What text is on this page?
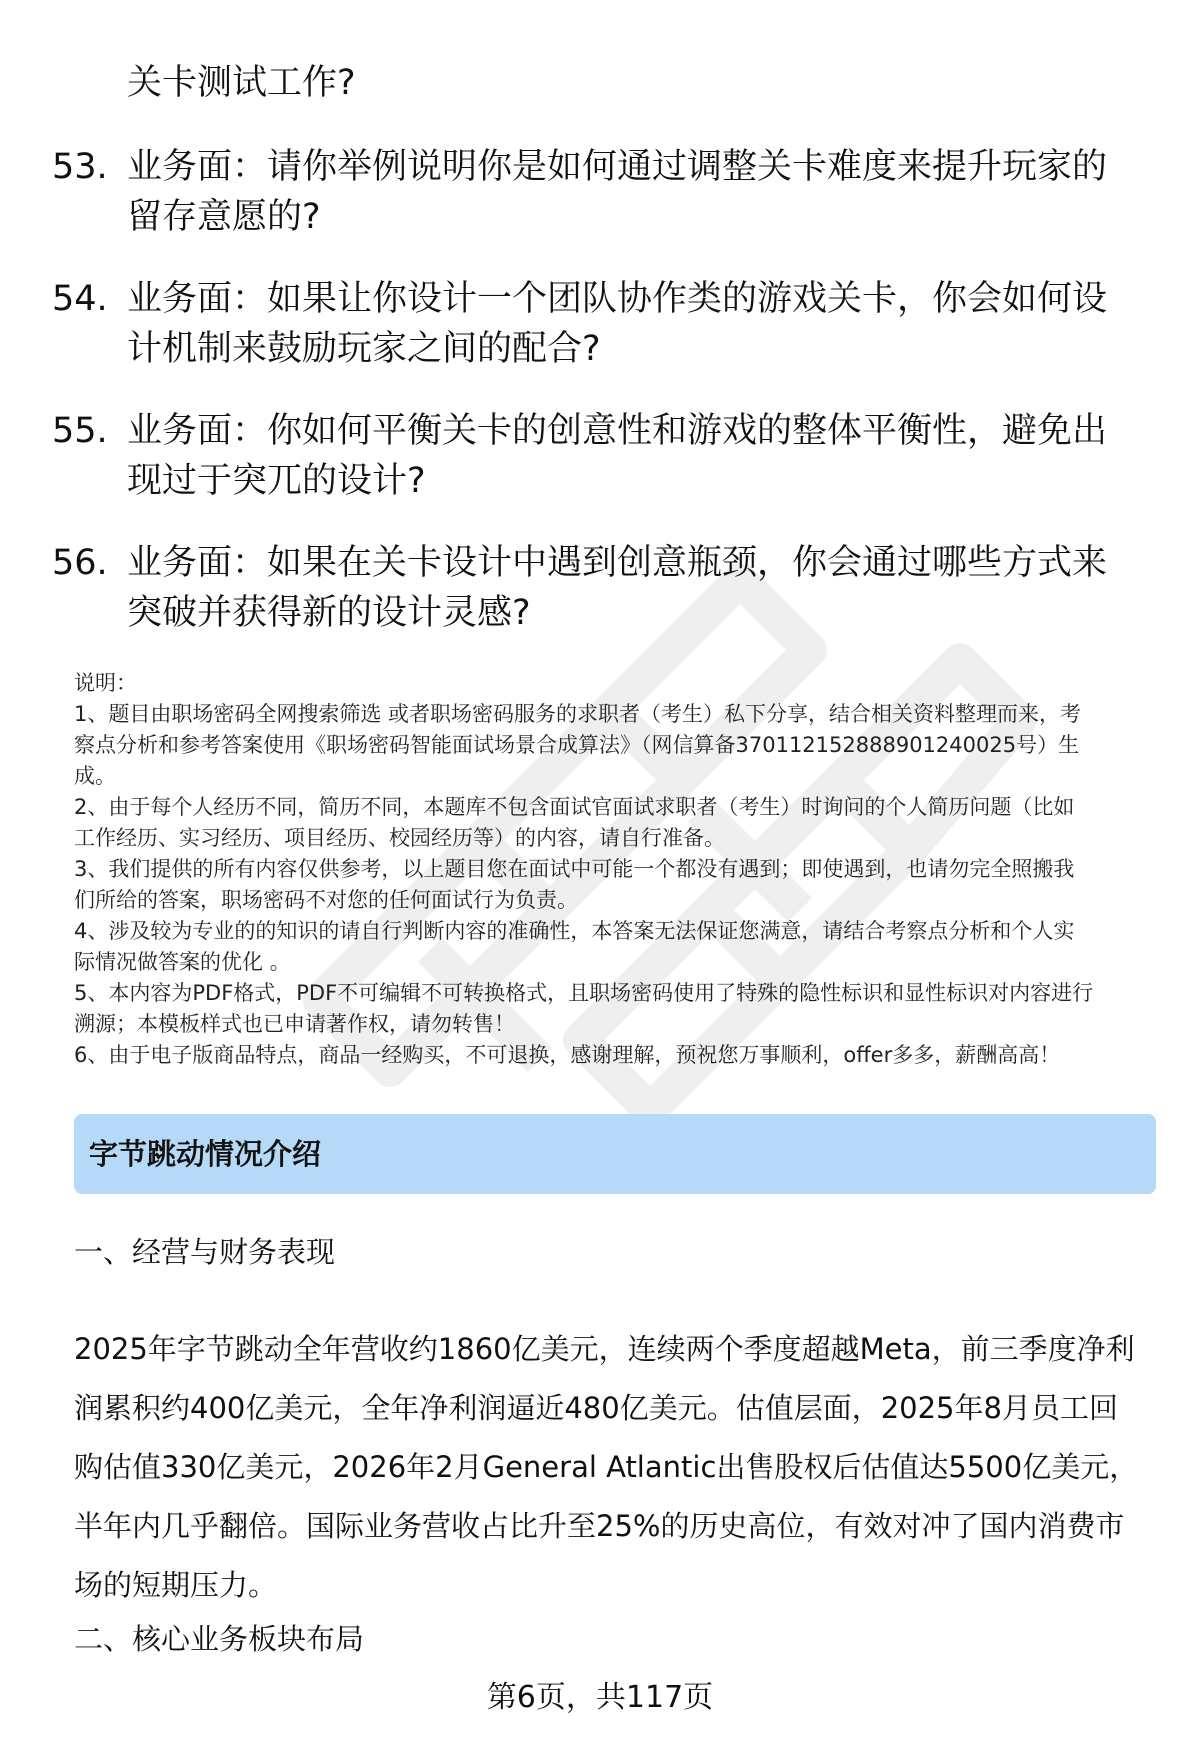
关卡测试工作?
53. 业务面：请你举例说明你是如何通过调整关卡难度来提升玩家的
留存意愿的?
54. 业务面：如果让你设计一个团队协作类的游戏关卡，你会如何设
计机制来鼓励玩家之间的配合?
55. 业务面：你如何平衡关卡的创意性和游戏的整体平衡性，避免出
现过于突兀的设计?
56. 业务面：如果在关卡设计中遇到创意瓶颈，你会通过哪些方式来
突破并获得新的设计灵感?
说明：
1、题目由职场密码全网搜索筛选 或者职场密码服务的求职者（考生）私下分享，结合相关资料整理而来，考
察点分析和参考答案使用《职场密码智能面试场景合成算法》（网信算备370112152888901240025号）生
成。
2、由于每个人经历不同，简历不同，本题库不包含面试官面试求职者（考生）时询问的个人简历问题（比如
工作经历、实习经历、项目经历、校园经历等）的内容，请自行准备。
3、我们提供的所有内容仅供参考，以上题目您在面试中可能一个都没有遇到；即使遇到，也请勿完全照搬我
们所给的答案，职场密码不对您的任何面试行为负责。
4、涉及较为专业的的知识的请自行判断内容的准确性，本答案无法保证您满意，请结合考察点分析和个人实
际情况做答案的优化 。
5、本内容为PDF格式，PDF不可编辑不可转换格式，且职场密码使用了特殊的隐性标识和显性标识对内容进行
溯源；本模板样式也已申请著作权，请勿转售！
6、由于电子版商品特点，商品一经购买，不可退换，感谢理解，预祝您万事顺利，offer多多，薪酬高高！
字节跳动情况介绍
一、经营与财务表现
2025年字节跳动全年营收约1860亿美元，连续两个季度超越Meta，前三季度净利
润累积约400亿美元，全年净利润逼近480亿美元。估值层面，2025年8月员工回
购估值330亿美元，2026年2月General Atlantic出售股权后估值达5500亿美元，
半年内几乎翻倍。国际业务营收占比升至25%的历史高位，有效对冲了国内消费市
场的短期压力。
二、核心业务板块布局
第6页，共117页
